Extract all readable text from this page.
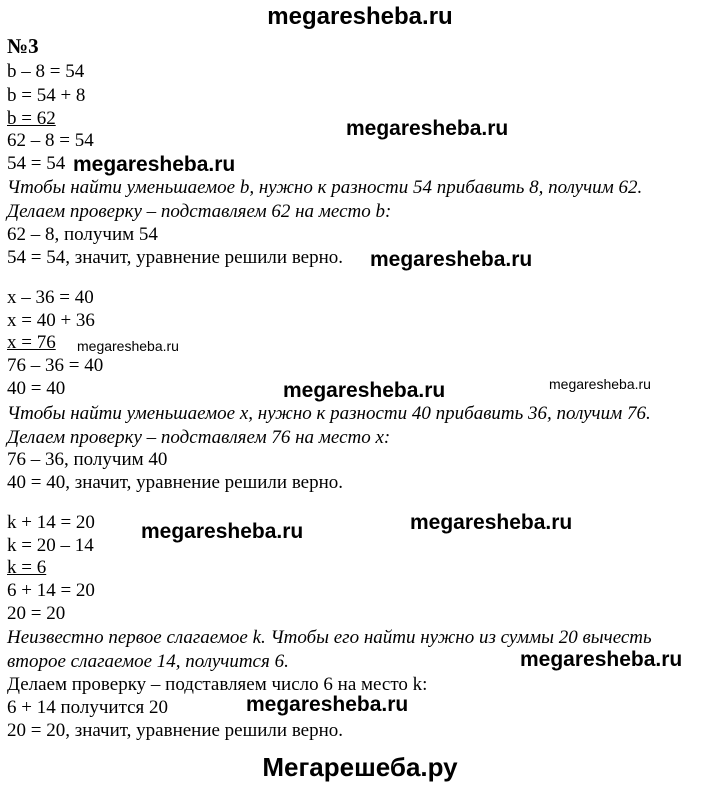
megaresheba.ru
№3
b – 8 = 54
b = 54 + 8
b = 62
62 – 8 = 54
54 = 54
Чтобы найти уменьшаемое b, нужно к разности 54 прибавить 8, получим 62.
Делаем проверку – подставляем 62 на место b:
62 – 8, получим 54
54 = 54, значит, уравнение решили верно.
x – 36 = 40
x = 40 + 36
x = 76
76 – 36 = 40
40 = 40
Чтобы найти уменьшаемое x, нужно к разности 40 прибавить 36, получим 76.
Делаем проверку – подставляем 76 на место x:
76 – 36, получим 40
40 = 40, значит, уравнение решили верно.
k + 14 = 20
k = 20 – 14
k = 6
6 + 14 = 20
20 = 20
Неизвестно первое слагаемое k. Чтобы его найти нужно из суммы 20 вычесть
второе слагаемое 14, получится 6.
Делаем проверку – подставляем число 6 на место k:
6 + 14 получится 20
20 = 20, значит, уравнение решили верно.
megaresheba.ru
megaresheba.ru
megaresheba.ru
megaresheba.ru
megaresheba.ru	megaresheba.ru
megaresheba.ru
megaresheba.ru
megaresheba.ru
megaresheba.ru
Мегарешеба.ру
